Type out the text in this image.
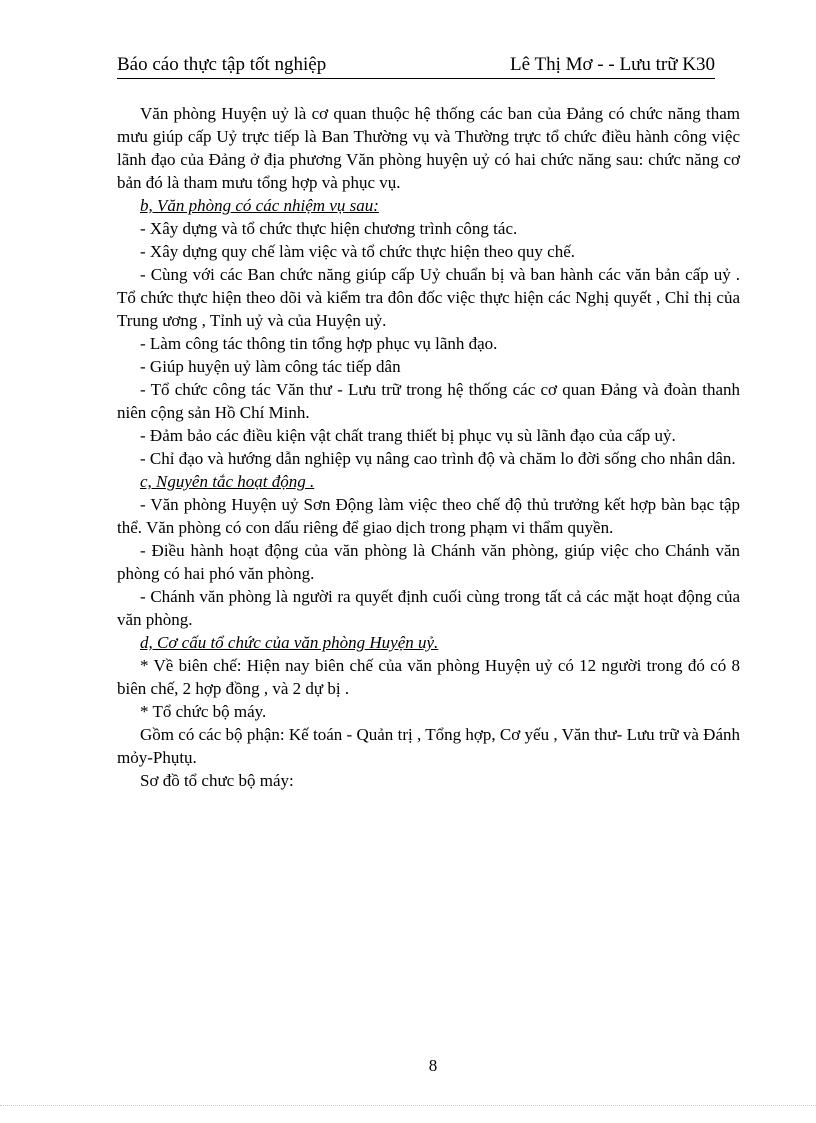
Báo cáo thực tập tốt nghiệp	Lê Thị Mơ - - Lưu trữ K30

Văn phòng Huyện uỷ là cơ quan thuộc hệ thống các ban của Đảng có chức năng tham mưu giúp cấp Uỷ trực tiếp là Ban Thường vụ và Thường trực tổ chức điều hành công việc lãnh đạo của Đảng ở địa phương Văn phòng huyện uỷ có hai chức năng sau: chức năng cơ bản đó là tham mưu tổng hợp và phục vụ.

b, Văn phòng có các nhiệm vụ sau:

- Xây dựng và tổ chức thực hiện chương trình công tác.

- Xây dựng quy chế làm việc và tổ chức thực hiện theo quy chế.

- Cùng với các Ban chức năng giúp cấp Uỷ chuẩn bị và ban hành các văn bản cấp uỷ . Tổ chức thực hiện theo dõi và kiểm tra đôn đốc việc thực hiện các Nghị quyết , Chỉ thị của Trung ương , Tỉnh uỷ và của Huyện uỷ.

- Làm công tác thông tin tổng hợp phục vụ lãnh đạo.

- Giúp huyện uỷ làm công tác tiếp dân

- Tổ chức công tác Văn thư - Lưu trữ trong hệ thống các cơ quan Đảng và đoàn thanh niên cộng sản Hồ Chí Minh.

- Đảm bảo các điều kiện vật chất trang thiết bị phục vụ sù lãnh đạo của cấp uỷ.

- Chỉ đạo và hướng dẫn nghiệp vụ nâng cao trình độ và chăm lo đời sống cho nhân dân.

c, Nguyên tắc hoạt động .

- Văn phòng Huyện uỷ Sơn Động làm việc theo chế độ thủ trưởng kết hợp bàn bạc tập thể. Văn phòng có con dấu riêng để giao dịch trong phạm vi thẩm quyền.

- Điều hành hoạt động của văn phòng là Chánh văn phòng, giúp việc cho Chánh văn phòng có hai phó văn phòng.

- Chánh văn phòng là người ra quyết định cuối cùng trong tất cả các mặt hoạt động của văn phòng.

d, Cơ cấu tổ chức của văn phòng Huyện uỷ.

* Về biên chế: Hiện nay biên chế của văn phòng Huyện uỷ có 12 người trong đó có 8 biên chế, 2 hợp đồng , và 2 dự bị .

* Tổ chức bộ máy.

Gồm có các bộ phận: Kế toán - Quản trị , Tổng hợp, Cơ yếu , Văn thư- Lưu trữ và Đánh mỏy-Phụtụ.

Sơ đồ tổ chưc bộ máy:

8
